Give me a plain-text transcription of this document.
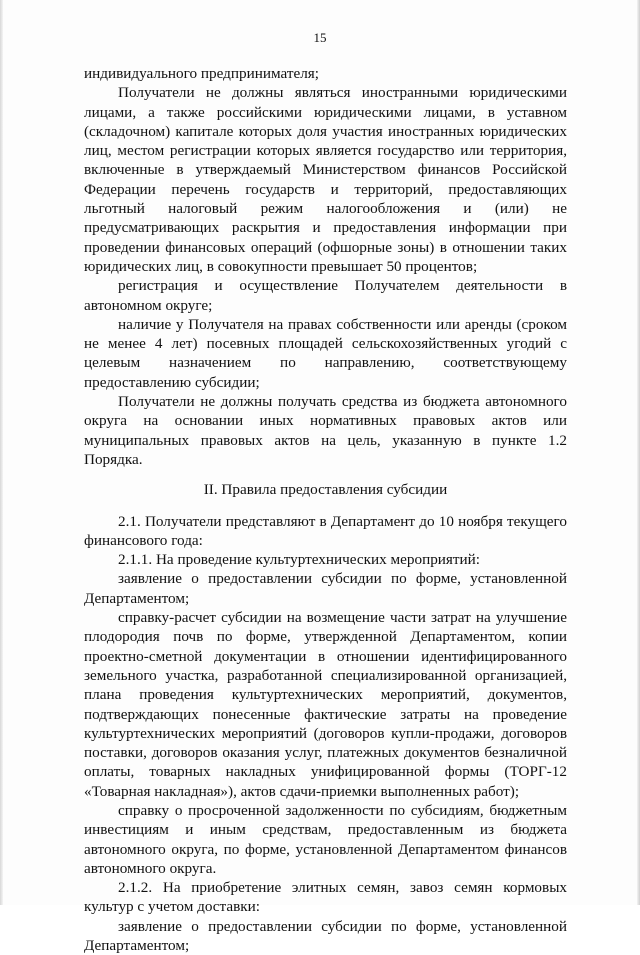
15

индивидуального предпринимателя;

Получатели не должны являться иностранными юридическими лицами, а также российскими юридическими лицами, в уставном (складочном) капитале которых доля участия иностранных юридических лиц, местом регистрации которых является государство или территория, включенные в утверждаемый Министерством финансов Российской Федерации перечень государств и территорий, предоставляющих льготный налоговый режим налогообложения и (или) не предусматривающих раскрытия и предоставления информации при проведении финансовых операций (офшорные зоны) в отношении таких юридических лиц, в совокупности превышает 50 процентов;

регистрация и осуществление Получателем деятельности в автономном округе;

наличие у Получателя на правах собственности или аренды (сроком не менее 4 лет) посевных площадей сельскохозяйственных угодий с целевым назначением по направлению, соответствующему предоставлению субсидии;

Получатели не должны получать средства из бюджета автономного округа на основании иных нормативных правовых актов или муниципальных правовых актов на цель, указанную в пункте 1.2 Порядка.

II. Правила предоставления субсидии

2.1. Получатели представляют в Департамент до 10 ноября текущего финансового года:

2.1.1. На проведение культуртехнических мероприятий:

заявление о предоставлении субсидии по форме, установленной Департаментом;

справку-расчет субсидии на возмещение части затрат на улучшение плодородия почв по форме, утвержденной Департаментом, копии проектно-сметной документации в отношении идентифицированного земельного участка, разработанной специализированной организацией, плана проведения культуртехнических мероприятий, документов, подтверждающих понесенные фактические затраты на проведение культуртехнических мероприятий (договоров купли-продажи, договоров поставки, договоров оказания услуг, платежных документов безналичной оплаты, товарных накладных унифицированной формы (ТОРГ-12 «Товарная накладная»), актов сдачи-приемки выполненных работ);

справку о просроченной задолженности по субсидиям, бюджетным инвестициям и иным средствам, предоставленным из бюджета автономного округа, по форме, установленной Департаментом финансов автономного округа.

2.1.2. На приобретение элитных семян, завоз семян кормовых культур с учетом доставки:

заявление о предоставлении субсидии по форме, установленной Департаментом;
